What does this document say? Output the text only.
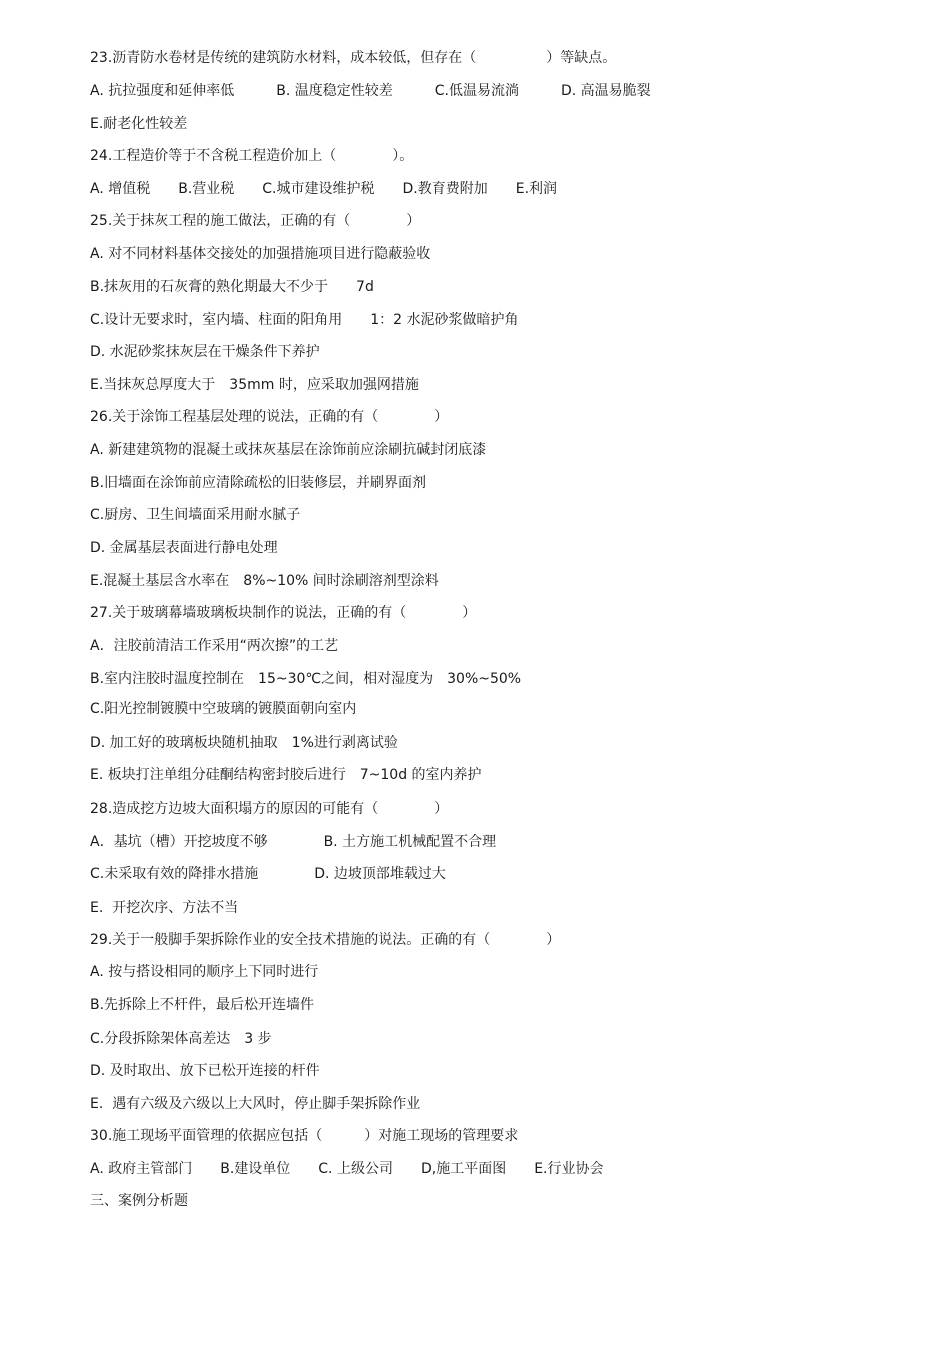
23.沥青防水卷材是传统的建筑防水材料，成本较低，但存在（　　　　　）等缺点。
A. 抗拉强度和延伸率低　　　B. 温度稳定性较差　　　C.低温易流淌　　　D. 高温易脆裂
E.耐老化性较差
24.工程造价等于不含税工程造价加上（　　　　）。
A. 增值税　　B.营业税　　C.城市建设维护税　　D.教育费附加　　E.利润
25.关于抹灰工程的施工做法，正确的有（　　　　）
A. 对不同材料基体交接处的加强措施项目进行隐蔽验收
B.抹灰用的石灰膏的熟化期最大不少于　　7d
C.设计无要求时，室内墙、柱面的阳角用　　1：2 水泥砂浆做暗护角
D. 水泥砂浆抹灰层在干燥条件下养护
E.当抹灰总厚度大于　35mm 时，应采取加强网措施
26.关于涂饰工程基层处理的说法，正确的有（　　　　）
A. 新建建筑物的混凝土或抹灰基层在涂饰前应涂刷抗碱封闭底漆
B.旧墙面在涂饰前应清除疏松的旧装修层，并刷界面剂
C.厨房、卫生间墙面采用耐水腻子
D. 金属基层表面进行静电处理
E.混凝土基层含水率在　8%~10% 间时涂刷溶剂型涂料
27.关于玻璃幕墙玻璃板块制作的说法，正确的有（　　　　）
A．注胶前清洁工作采用“两次擦”的工艺
B.室内注胶时温度控制在　15~30℃之间，相对湿度为　30%~50%
C.阳光控制镀膜中空玻璃的镀膜面朝向室内
D. 加工好的玻璃板块随机抽取　1%进行剥离试验
E. 板块打注单组分硅酮结构密封胶后进行　7~10d 的室内养护
28.造成挖方边坡大面积塌方的原因的可能有（　　　　）
A．基坑（槽）开挖坡度不够　　　　B. 土方施工机械配置不合理
C.未采取有效的降排水措施　　　　D. 边坡顶部堆载过大
E.  开挖次序、方法不当
29.关于一般脚手架拆除作业的安全技术措施的说法。正确的有（　　　　）
A. 按与搭设相同的顺序上下同时进行
B.先拆除上不杆件，最后松开连墙件
C.分段拆除架体高差达　3 步
D. 及时取出、放下已松开连接的杆件
E.  遇有六级及六级以上大风时，停止脚手架拆除作业
30.施工现场平面管理的依据应包括（　　　）对施工现场的管理要求
A. 政府主管部门　　B.建设单位　　C. 上级公司　　D,施工平面图　　E.行业协会
三、案例分析题
